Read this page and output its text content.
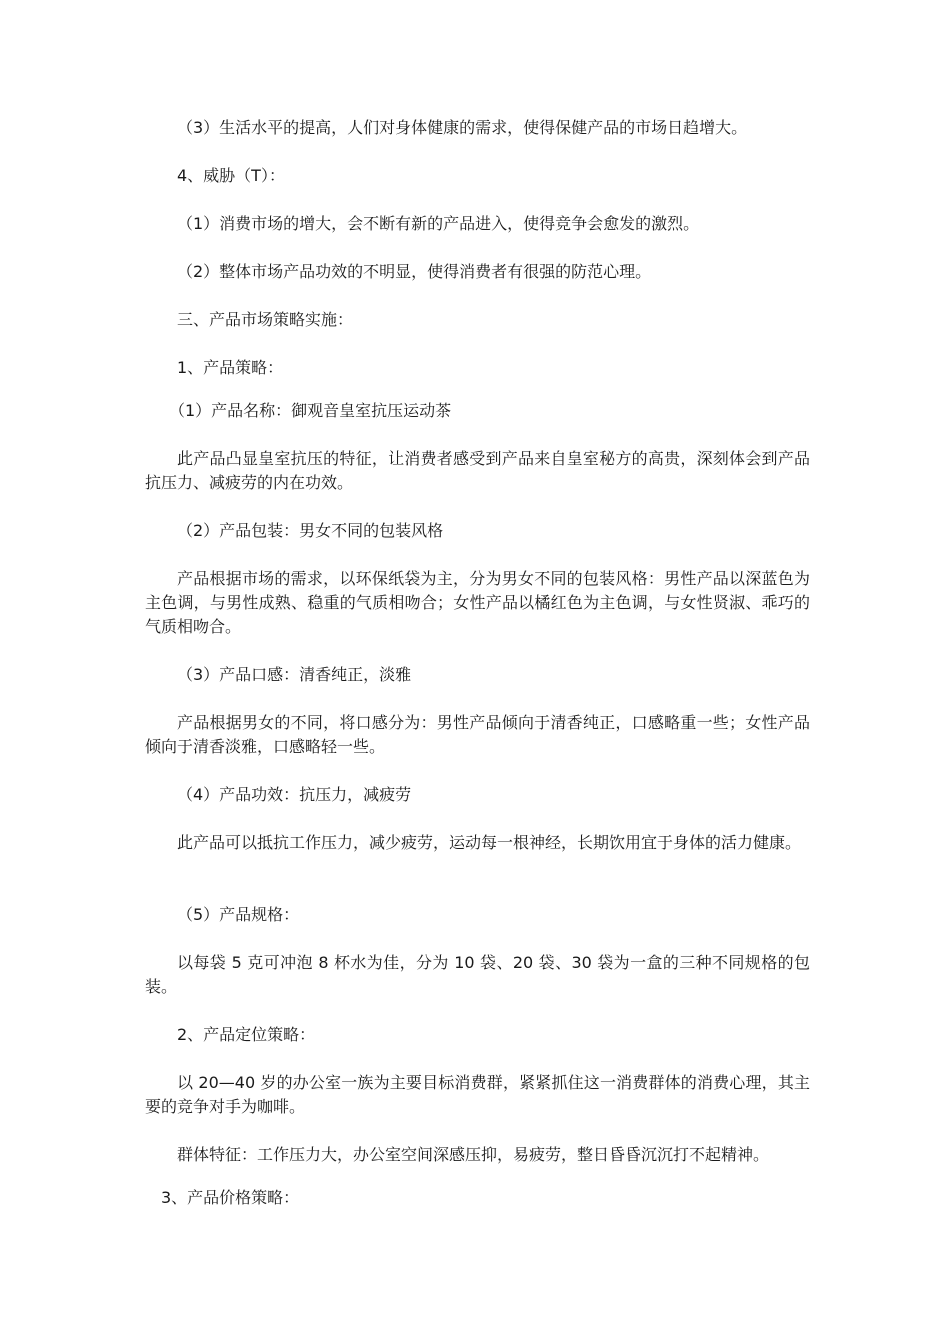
（3）生活水平的提高，人们对身体健康的需求，使得保健产品的市场日趋增大。

4、威胁（T）：

（1）消费市场的增大，会不断有新的产品进入，使得竞争会愈发的激烈。

（2）整体市场产品功效的不明显，使得消费者有很强的防范心理。

三、产品市场策略实施：

1、产品策略：

（1）产品名称：御观音皇室抗压运动茶

此产品凸显皇室抗压的特征，让消费者感受到产品来自皇室秘方的高贵，深刻体会到产品抗压力、减疲劳的内在功效。

（2）产品包装：男女不同的包装风格

产品根据市场的需求，以环保纸袋为主，分为男女不同的包装风格：男性产品以深蓝色为主色调，与男性成熟、稳重的气质相吻合；女性产品以橘红色为主色调，与女性贤淑、乖巧的气质相吻合。

（3）产品口感：清香纯正，淡雅

产品根据男女的不同，将口感分为：男性产品倾向于清香纯正，口感略重一些；女性产品倾向于清香淡雅，口感略轻一些。

（4）产品功效：抗压力，减疲劳

此产品可以抵抗工作压力，减少疲劳，运动每一根神经，长期饮用宜于身体的活力健康。

（5）产品规格：

以每袋 5 克可冲泡 8 杯水为佳，分为 10 袋、20 袋、30 袋为一盒的三种不同规格的包装。

2、产品定位策略：

以 20—40 岁的办公室一族为主要目标消费群，紧紧抓住这一消费群体的消费心理，其主要的竞争对手为咖啡。

群体特征：工作压力大，办公室空间深感压抑，易疲劳，整日昏昏沉沉打不起精神。

3、产品价格策略：
